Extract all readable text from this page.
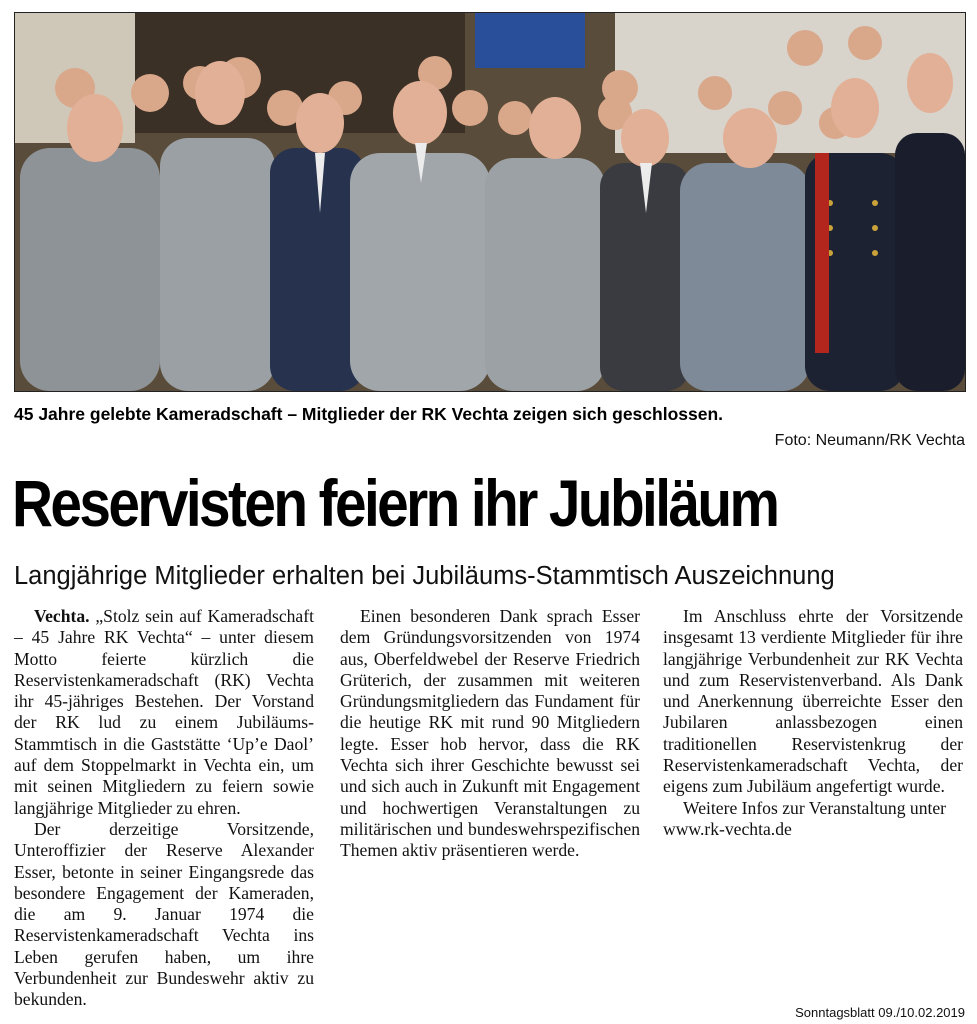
45 Jahre gelebte Kameradschaft – Mitglieder der RK Vechta zeigen sich geschlossen.
Foto: Neumann/RK Vechta
Reservisten feiern ihr Jubiläum
Langjährige Mitglieder erhalten bei Jubiläums-Stammtisch Auszeichnung

Vechta. „Stolz sein auf Kameradschaft – 45 Jahre RK Vechta“ – unter diesem Motto feierte kürzlich die Reservistenkameradschaft (RK) Vechta ihr 45-jähriges Bestehen. Der Vorstand der RK lud zu einem Jubiläums-Stammtisch in die Gaststätte ‘Up’e Daol’ auf dem Stoppelmarkt in Vechta ein, um mit seinen Mitgliedern zu feiern sowie langjährige Mitglieder zu ehren.

Der derzeitige Vorsitzende, Unteroffizier der Reserve Alexander Esser, betonte in seiner Eingangsrede das besondere Engagement der Kameraden, die am 9. Januar 1974 die Reservistenkameradschaft Vechta ins Leben gerufen haben, um ihre Verbundenheit zur Bundeswehr aktiv zu bekunden.

Einen besonderen Dank sprach Esser dem Gründungsvorsitzenden von 1974 aus, Oberfeldwebel der Reserve Friedrich Grüterich, der zusammen mit weiteren Gründungsmitgliedern das Fundament für die heutige RK mit rund 90 Mitgliedern legte. Esser hob hervor, dass die RK Vechta sich ihrer Geschichte bewusst sei und sich auch in Zukunft mit Engagement und hochwertigen Veranstaltungen zu militärischen und bundeswehrspezifischen Themen aktiv präsentieren werde.

Im Anschluss ehrte der Vorsitzende insgesamt 13 verdiente Mitglieder für ihre langjährige Verbundenheit zur RK Vechta und zum Reservistenverband. Als Dank und Anerkennung überreichte Esser den Jubilaren anlassbezogen einen traditionellen Reservistenkrug der Reservistenkameradschaft Vechta, der eigens zum Jubiläum angefertigt wurde.

Weitere Infos zur Veranstaltung unter www.rk-vechta.de

Sonntagsblatt 09./10.02.2019
